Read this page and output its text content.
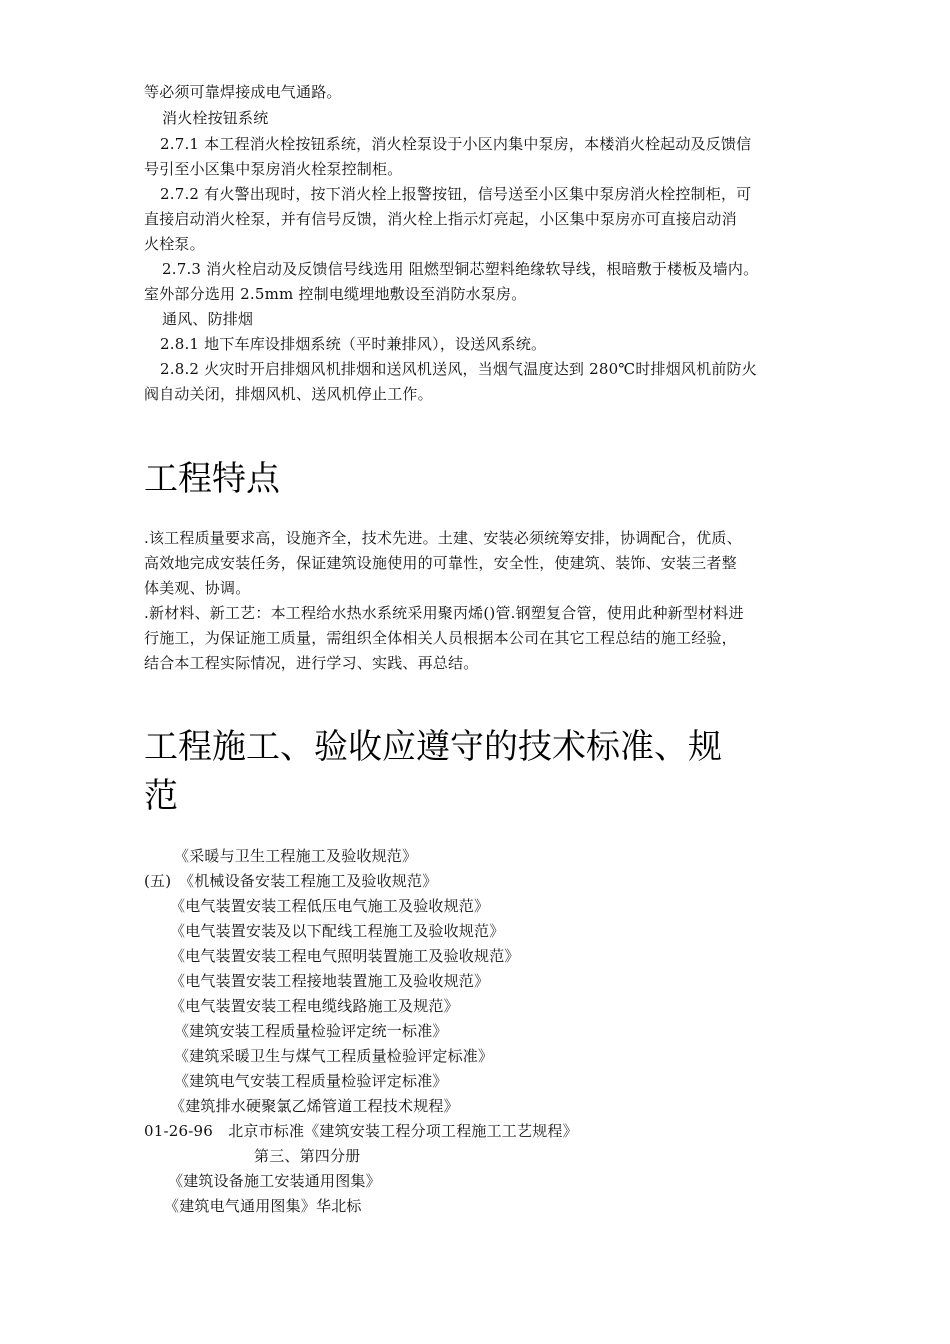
等必须可靠焊接成电气通路。
消火栓按钮系统
2.7.1 本工程消火栓按钮系统，消火栓泵设于小区内集中泵房，本楼消火栓起动及反馈信
号引至小区集中泵房消火栓泵控制柜。
2.7.2 有火警出现时，按下消火栓上报警按钮，信号送至小区集中泵房消火栓控制柜，可
直接启动消火栓泵，并有信号反馈，消火栓上指示灯亮起，小区集中泵房亦可直接启动消
火栓泵。
2.7.3 消火栓启动及反馈信号线选用 阻燃型铜芯塑料绝缘软导线，根暗敷于楼板及墙内。
室外部分选用 2.5mm 控制电缆埋地敷设至消防水泵房。
通风、防排烟
2.8.1 地下车库设排烟系统（平时兼排风），设送风系统。
2.8.2 火灾时开启排烟风机排烟和送风机送风，当烟气温度达到 280℃时排烟风机前防火
阀自动关闭，排烟风机、送风机停止工作。
工程特点
.该工程质量要求高，设施齐全，技术先进。土建、安装必须统筹安排，协调配合，优质、
高效地完成安装任务，保证建筑设施使用的可靠性，安全性，使建筑、装饰、安装三者整
体美观、协调。
.新材料、新工艺：本工程给水热水系统采用聚丙烯()管.钢塑复合管，使用此种新型材料进
行施工，为保证施工质量，需组织全体相关人员根据本公司在其它工程总结的施工经验，
结合本工程实际情况，进行学习、实践、再总结。
工程施工、验收应遵守的技术标准、规
范
《采暖与卫生工程施工及验收规范》
(五)　《机械设备安装工程施工及验收规范》
《电气装置安装工程低压电气施工及验收规范》
《电气装置安装及以下配线工程施工及验收规范》
《电气装置安装工程电气照明装置施工及验收规范》
《电气装置安装工程接地装置施工及验收规范》
《电气装置安装工程电缆线路施工及规范》
《建筑安装工程质量检验评定统一标准》
《建筑采暖卫生与煤气工程质量检验评定标准》
《建筑电气安装工程质量检验评定标准》
《建筑排水硬聚氯乙烯管道工程技术规程》
01-26-96　北京市标准《建筑安装工程分项工程施工工艺规程》
第三、第四分册
《建筑设备施工安装通用图集》
《建筑电气通用图集》华北标
